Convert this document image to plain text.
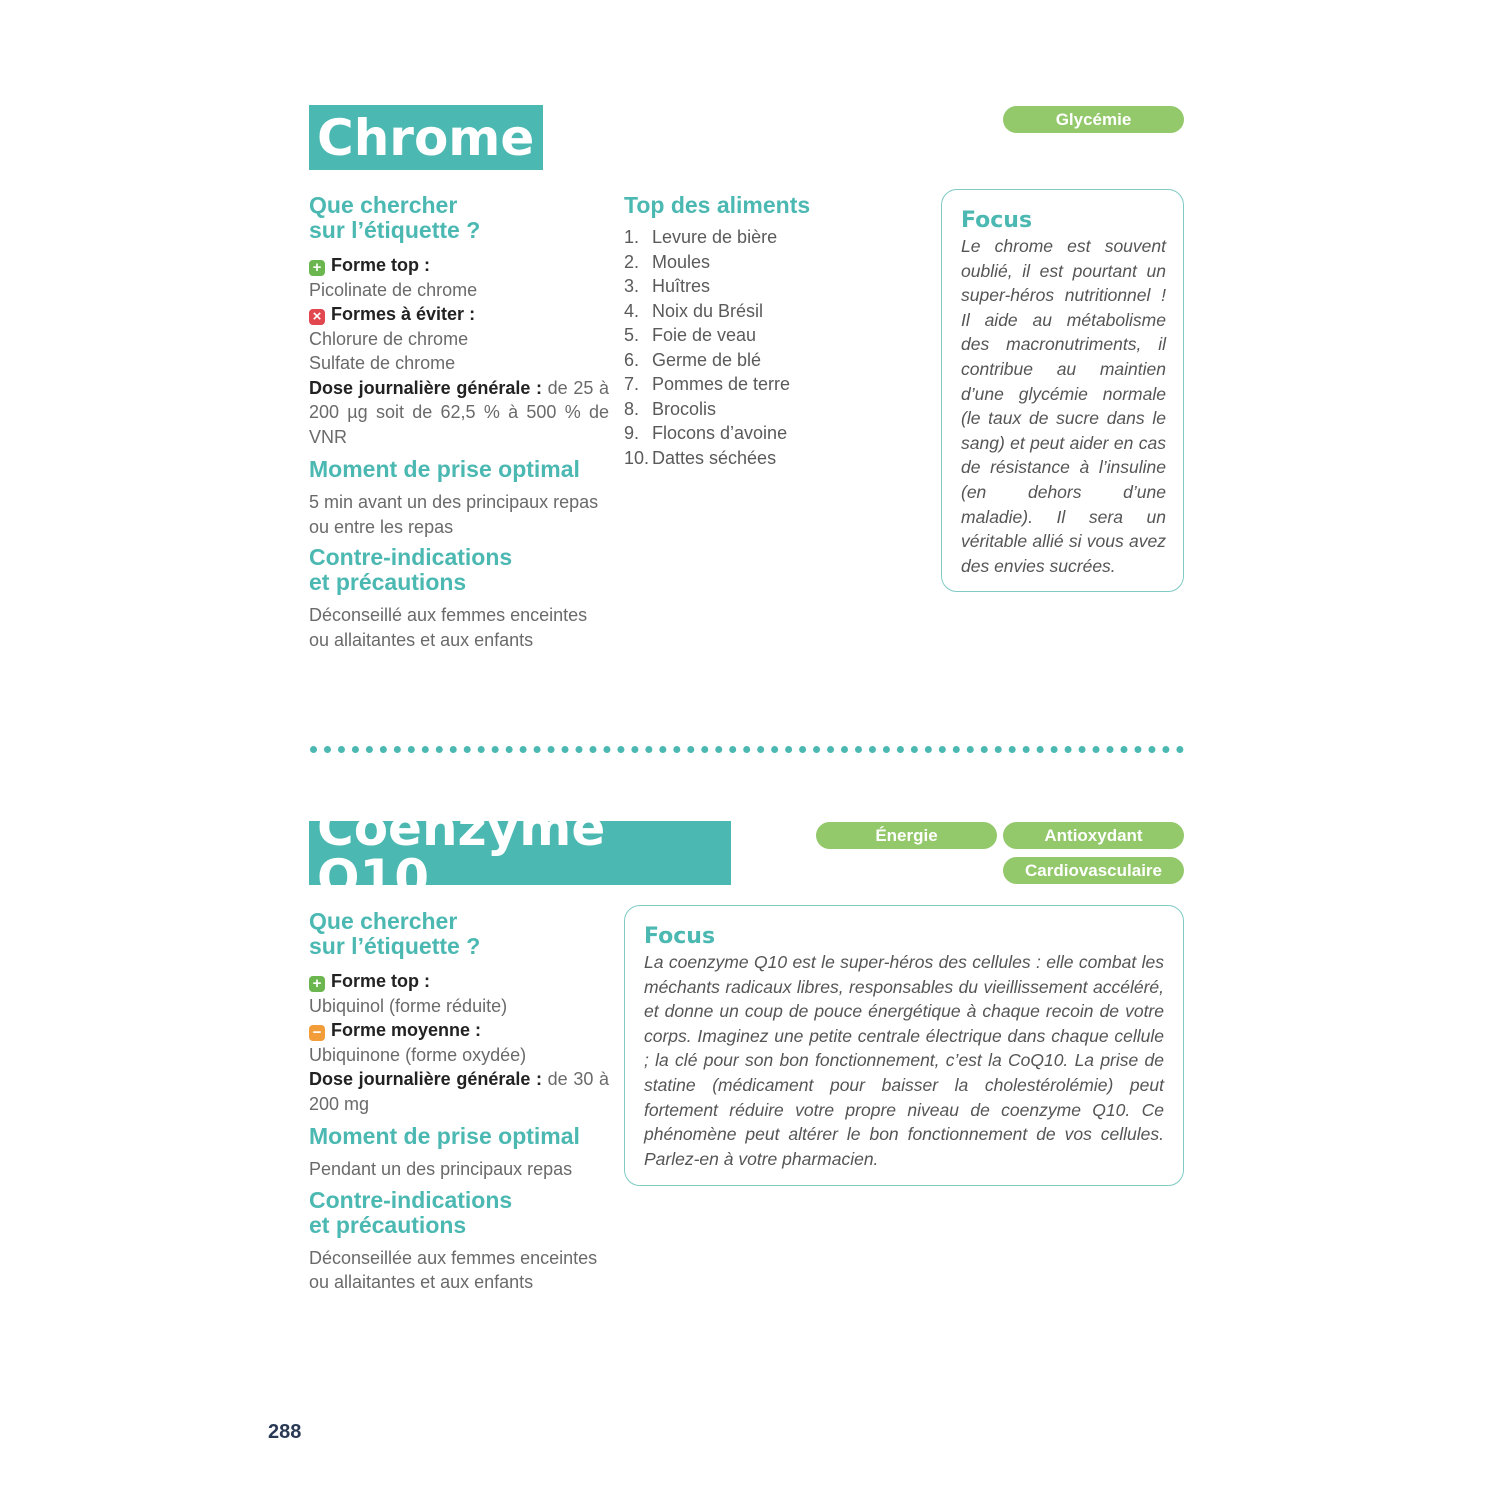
Chrome	Glycémie
Que chercher
sur l’étiquette ?
+ Forme top :
Picolinate de chrome
× Formes à éviter :
Chlorure de chrome
Sulfate de chrome
Dose journalière générale : de 25 à 200 µg soit de 62,5 % à 500 % de VNR
Moment de prise optimal
5 min avant un des principaux repas ou entre les repas
Contre-indications
et précautions
Déconseillé aux femmes enceintes ou allaitantes et aux enfants
Top des aliments
1. Levure de bière
2. Moules
3. Huîtres
4. Noix du Brésil
5. Foie de veau
6. Germe de blé
7. Pommes de terre
8. Brocolis
9. Flocons d’avoine
10. Dattes séchées
Focus
Le chrome est souvent oublié, il est pourtant un super-héros nutritionnel ! Il aide au métabolisme des macronutriments, il contribue au maintien d’une glycémie normale (le taux de sucre dans le sang) et peut aider en cas de résistance à l’insuline (en dehors d’une maladie). Il sera un véritable allié si vous avez des envies sucrées.
Coenzyme Q10
Énergie	Antioxydant
Cardiovasculaire
Que chercher
sur l’étiquette ?
+ Forme top :
Ubiquinol (forme réduite)
− Forme moyenne :
Ubiquinone (forme oxydée)
Dose journalière générale : de 30 à 200 mg
Moment de prise optimal
Pendant un des principaux repas
Contre-indications
et précautions
Déconseillée aux femmes enceintes ou allaitantes et aux enfants
Focus
La coenzyme Q10 est le super-héros des cellules : elle combat les méchants radicaux libres, responsables du vieillissement accéléré, et donne un coup de pouce énergétique à chaque recoin de votre corps. Imaginez une petite centrale électrique dans chaque cellule ; la clé pour son bon fonctionnement, c’est la CoQ10. La prise de statine (médicament pour baisser la cholestérolémie) peut fortement réduire votre propre niveau de coenzyme Q10. Ce phénomène peut altérer le bon fonctionnement de vos cellules. Parlez-en à votre pharmacien.
288
